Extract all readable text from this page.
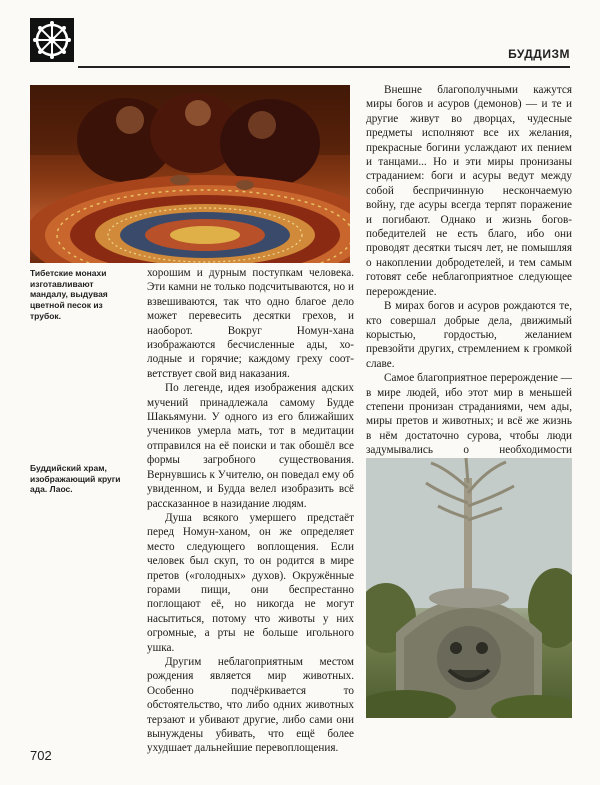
БУДДИЗМ
Тибетские монахи изготавливают мандалу, выдувая цветной песок из трубок.
Буддийский храм, изображающий круги ада. Лаос.

хорошим и дурным поступкам человека. Эти камни не только подсчитываются, но и взвешиваются, так что одно благое дело может перевесить десятки грехов, и наоборот. Вокруг Номун-хана изображаются бесчисленные ады, холодные и горячие; каждому греху соответствует свой вид наказания.

По легенде, идея изображения адских мучений принадлежала самому Будде Шакьямуни. У одного из его ближайших учеников умерла мать, тот в медитации отправился на её поиски и так обошёл все формы загробного существования. Вернувшись к Учителю, он поведал ему об увиденном, и Будда велел изобразить всё рассказанное в назидание людям.

Душа всякого умершего предстаёт перед Номун-ханом, он же определяет место следующего воплощения. Если человек был скуп, то он родится в мире претов («голодных» духов). Окружённые горами пищи, они беспрестанно поглощают её, но никогда не могут насытиться, потому что животы у них огромные, а рты не больше игольного ушка.

Другим неблагоприятным местом рождения является мир животных. Особенно подчёркивается то обстоятельство, что либо одних животных терзают и убивают другие, либо сами они вынуждены убивать, что ещё более ухудшает дальнейшие перевоплощения.

Внешне благополучными кажутся миры богов и асуров (демонов) — и те и другие живут во дворцах, чудесные предметы исполняют все их желания, прекрасные богини услаждают их пением и танцами... Но и эти миры пронизаны страданием: боги и асуры ведут между собой беспричинную нескончаемую войну, где асуры всегда терпят поражение и погибают. Однако и жизнь богов-победителей не есть благо, ибо они проводят десятки тысяч лет, не помышляя о накоплении добродетелей, и тем самым готовят себе неблагоприятное следующее перерождение.

В мирах богов и асуров рождаются те, кто совершал добрые дела, движимый корыстью, гордостью, желанием превзойти других, стремлением к громкой славе.

Самое благоприятное перерождение — в мире людей, ибо этот мир в меньшей степени пронизан страданиями, чем ады, миры претов и животных; и всё же жизнь в нём достаточно сурова, чтобы люди задумывались о необходимости

702
